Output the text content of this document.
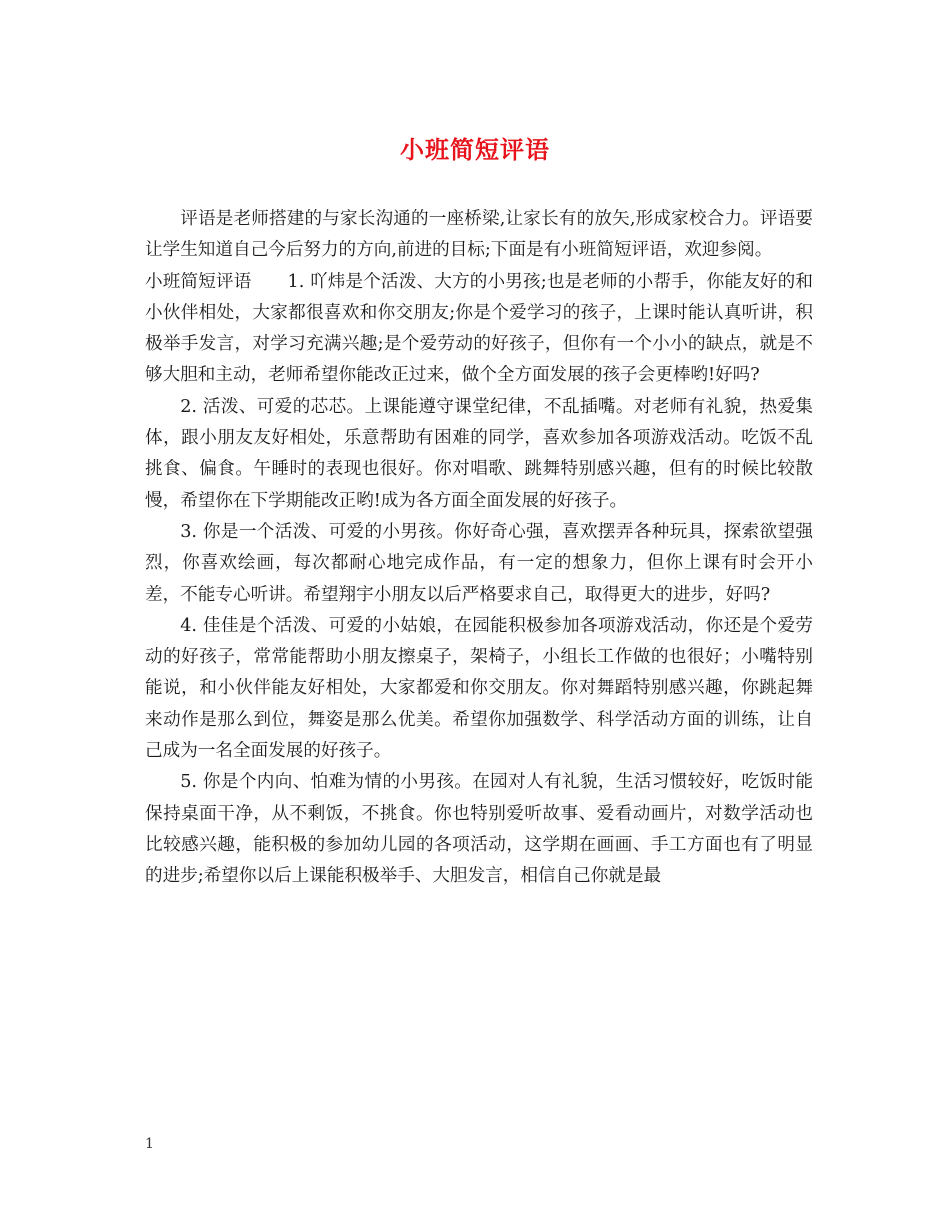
小班简短评语

评语是老师搭建的与家长沟通的一座桥梁,让家长有的放矢,形成家校合力。评语要让学生知道自己今后努力的方向,前进的目标;下面是有小班简短评语，欢迎参阅。

小班简短评语 1. 吖炜是个活泼、大方的小男孩;也是老师的小帮手，你能友好的和小伙伴相处，大家都很喜欢和你交朋友;你是个爱学习的孩子，上课时能认真听讲，积极举手发言，对学习充满兴趣;是个爱劳动的好孩子，但你有一个小小的缺点，就是不够大胆和主动，老师希望你能改正过来，做个全方面发展的孩子会更棒哟!好吗?

2. 活泼、可爱的芯芯。上课能遵守课堂纪律，不乱插嘴。对老师有礼貌，热爱集体，跟小朋友友好相处，乐意帮助有困难的同学，喜欢参加各项游戏活动。吃饭不乱挑食、偏食。午睡时的表现也很好。你对唱歌、跳舞特别感兴趣，但有的时候比较散慢，希望你在下学期能改正哟!成为各方面全面发展的好孩子。

3. 你是一个活泼、可爱的小男孩。你好奇心强，喜欢摆弄各种玩具，探索欲望强烈，你喜欢绘画，每次都耐心地完成作品，有一定的想象力，但你上课有时会开小差，不能专心听讲。希望翔宇小朋友以后严格要求自己，取得更大的进步，好吗?

4. 佳佳是个活泼、可爱的小姑娘，在园能积极参加各项游戏活动，你还是个爱劳动的好孩子，常常能帮助小朋友擦桌子，架椅子，小组长工作做的也很好；小嘴特别能说，和小伙伴能友好相处，大家都爱和你交朋友。你对舞蹈特别感兴趣，你跳起舞来动作是那么到位，舞姿是那么优美。希望你加强数学、科学活动方面的训练，让自己成为一名全面发展的好孩子。

5. 你是个内向、怕难为情的小男孩。在园对人有礼貌，生活习惯较好，吃饭时能保持桌面干净，从不剩饭，不挑食。你也特别爱听故事、爱看动画片，对数学活动也比较感兴趣，能积极的参加幼儿园的各项活动，这学期在画画、手工方面也有了明显的进步;希望你以后上课能积极举手、大胆发言，相信自己你就是最

1
